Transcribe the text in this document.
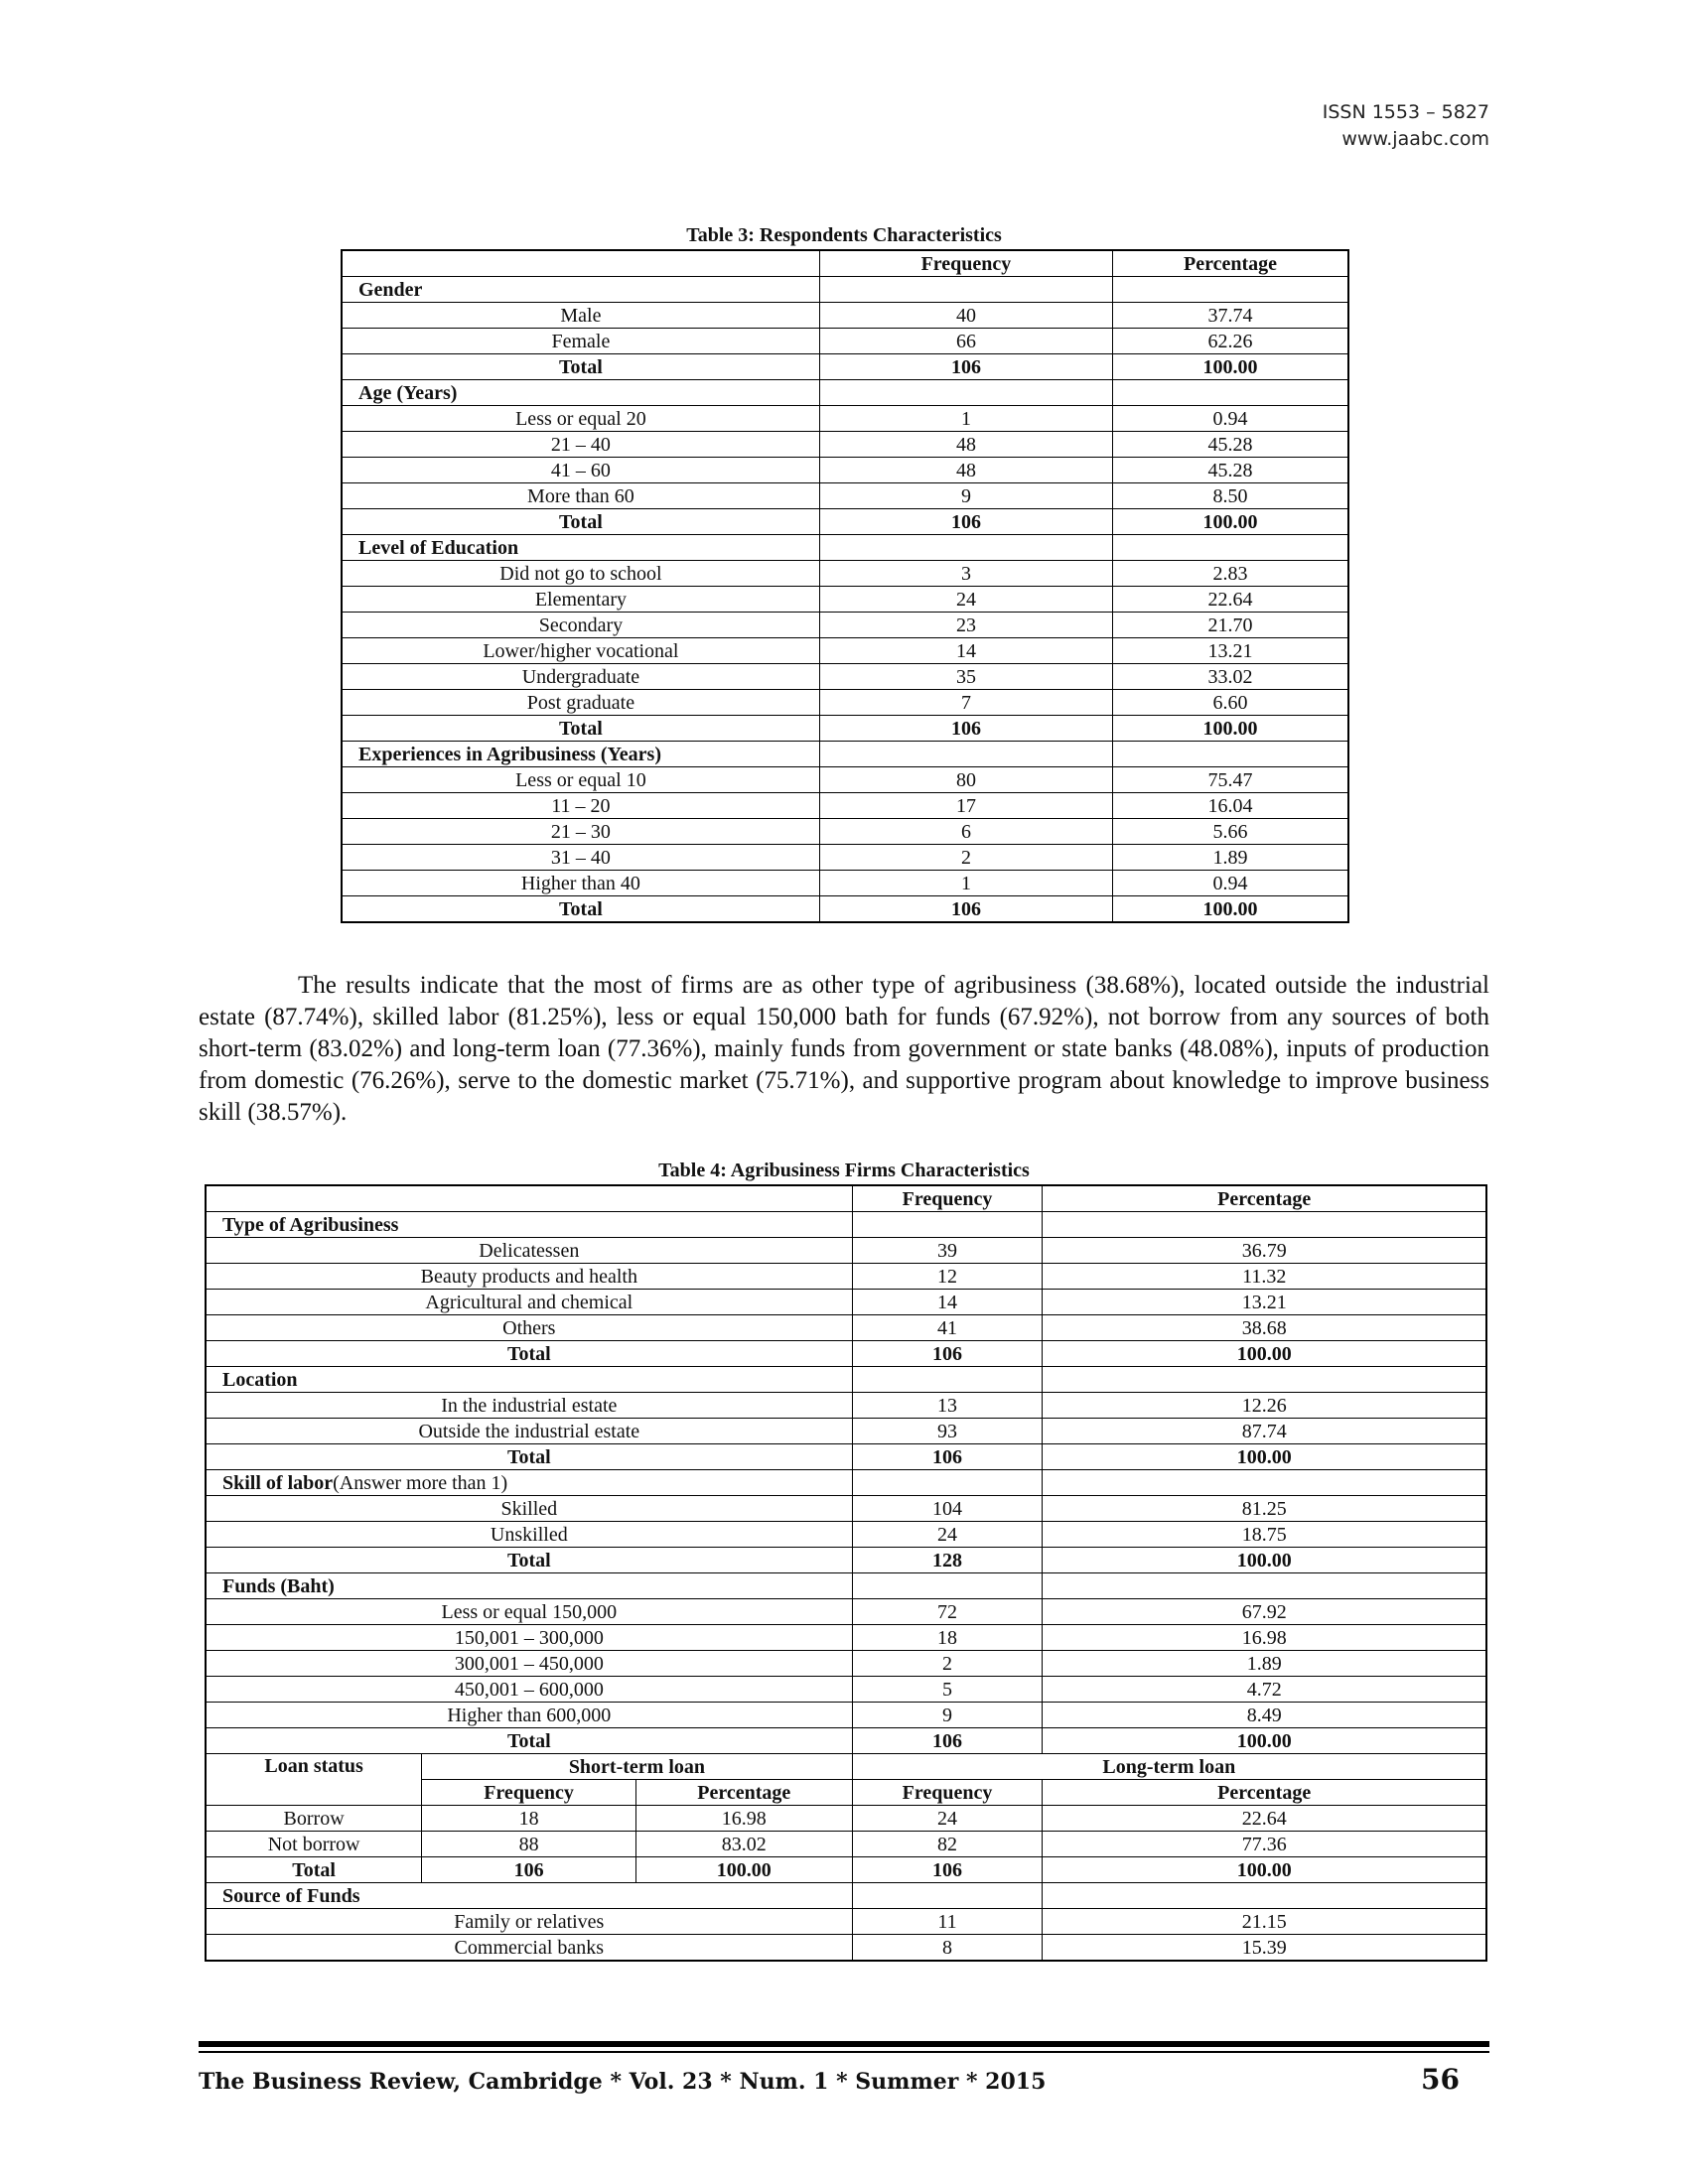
ISSN 1553 – 5827
www.jaabc.com
Table 3: Respondents Characteristics
	Frequency	Percentage
Gender		
Male	40	37.74
Female	66	62.26
Total	106	100.00
Age (Years)		
Less or equal 20	1	0.94
21 – 40	48	45.28
41 – 60	48	45.28
More than 60	9	8.50
Total	106	100.00
Level of Education		
Did not go to school	3	2.83
Elementary	24	22.64
Secondary	23	21.70
Lower/higher vocational	14	13.21
Undergraduate	35	33.02
Post graduate	7	6.60
Total	106	100.00
Experiences in Agribusiness (Years)		
Less or equal 10	80	75.47
11 – 20	17	16.04
21 – 30	6	5.66
31 – 40	2	1.89
Higher than 40	1	0.94
Total	106	100.00
The results indicate that the most of firms are as other type of agribusiness (38.68%), located outside the industrial estate (87.74%), skilled labor (81.25%), less or equal 150,000 bath for funds (67.92%), not borrow from any sources of both short-term (83.02%) and long-term loan (77.36%), mainly funds from government or state banks (48.08%), inputs of production from domestic (76.26%), serve to the domestic market (75.71%), and supportive program about knowledge to improve business skill (38.57%).
Table 4: Agribusiness Firms Characteristics
			Frequency	Percentage
Type of Agribusiness				
Delicatessen			39	36.79
Beauty products and health			12	11.32
Agricultural and chemical			14	13.21
Others			41	38.68
Total			106	100.00
Location				
In the industrial estate			13	12.26
Outside the industrial estate			93	87.74
Total			106	100.00
Skill of labor(Answer more than 1)				
Skilled			104	81.25
Unskilled			24	18.75
Total			128	100.00
Funds (Baht)				
Less or equal 150,000			72	67.92
150,001 – 300,000			18	16.98
300,001 – 450,000			2	1.89
450,001 – 600,000			5	4.72
Higher than 600,000			9	8.49
Total			106	100.00
Loan status	Short-term loan		Long-term loan	
	Frequency	Percentage	Frequency	Percentage
Borrow	18	16.98	24	22.64
Not borrow	88	83.02	82	77.36
Total	106	100.00	106	100.00
Source of Funds				
Family or relatives			11	21.15
Commercial banks			8	15.39
The Business Review, Cambridge * Vol. 23 * Num. 1 * Summer * 2015	56
